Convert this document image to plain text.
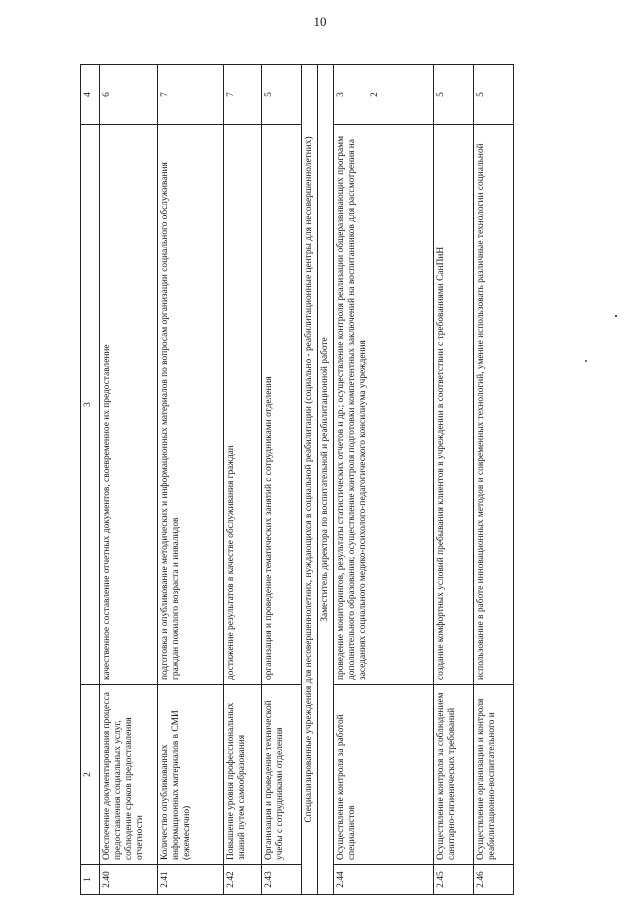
10
1	2	3	4
2.40	Обеспечение документирования процесса предоставления социальных услуг, соблюдение сроков предоставления отчетности	качественное составление отчетных документов, своевременное их предоставление	6
2.41	Количество опубликованных информационных материалов в СМИ (ежемесячно)	подготовка и опубликование методических и информационных материалов по вопросам организации социального обслуживания граждан пожилого возраста и инвалидов	7
2.42	Повышение уровня профессиональных знаний путем самообразования	достижение результатов в качестве обслуживания граждан	7
2.43	Организация и проведение технической учебы с сотрудниками отделения	организация и проведение тематических занятий с сотрудниками отделения	5
Специализированные учреждения для несовершеннолетних, нуждающихся в социальной реабилитации (социально - реабилитационные центры для несовершеннолетних)			
Заместитель директора по воспитательной и реабилитационной работе			
2.44	Осуществление контроля за работой специалистов	проведение мониторингов, результаты статистических отчетов и др.; осуществление контроля реализации общеразвивающих программ дополнительного образования; осуществление контроля подготовки компетентных заключений на воспитанников для рассмотрения на заседаниях социального медико-психолого-педагогического консилиума учреждения	3 2

2.45	Осуществление контроля за соблюдением санитарно-гигиенических требований	создание комфортных условий пребывания клиентов в учреждении в соответствии с требованиями СанПиН	5
2.46	Осуществление организации и контроля реабилитационно-воспитательного и	использование в работе инновационных методов и современных технологий, умение использовать различные технологии социальной	5
